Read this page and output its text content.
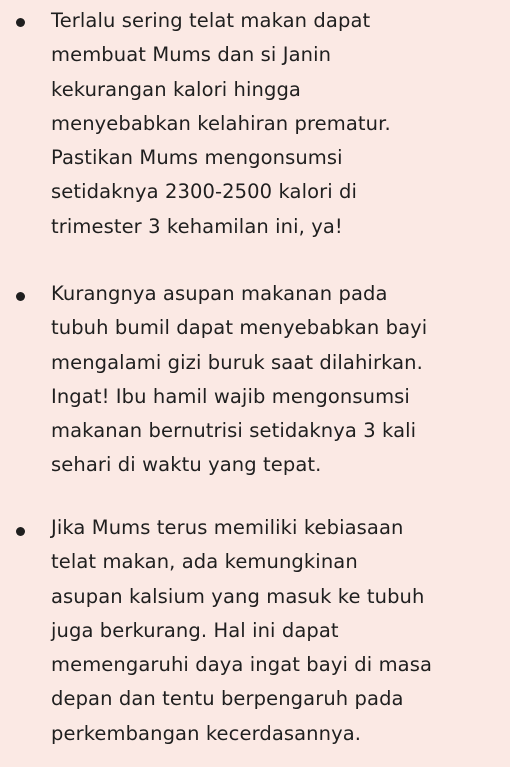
Terlalu sering telat makan dapat
membuat Mums dan si Janin
kekurangan kalori hingga
menyebabkan kelahiran prematur.
Pastikan Mums mengonsumsi
setidaknya 2300-2500 kalori di
trimester 3 kehamilan ini, ya!
Kurangnya asupan makanan pada
tubuh bumil dapat menyebabkan bayi
mengalami gizi buruk saat dilahirkan.
Ingat! Ibu hamil wajib mengonsumsi
makanan bernutrisi setidaknya 3 kali
sehari di waktu yang tepat.
Jika Mums terus memiliki kebiasaan
telat makan, ada kemungkinan
asupan kalsium yang masuk ke tubuh
juga berkurang. Hal ini dapat
memengaruhi daya ingat bayi di masa
depan dan tentu berpengaruh pada
perkembangan kecerdasannya.
